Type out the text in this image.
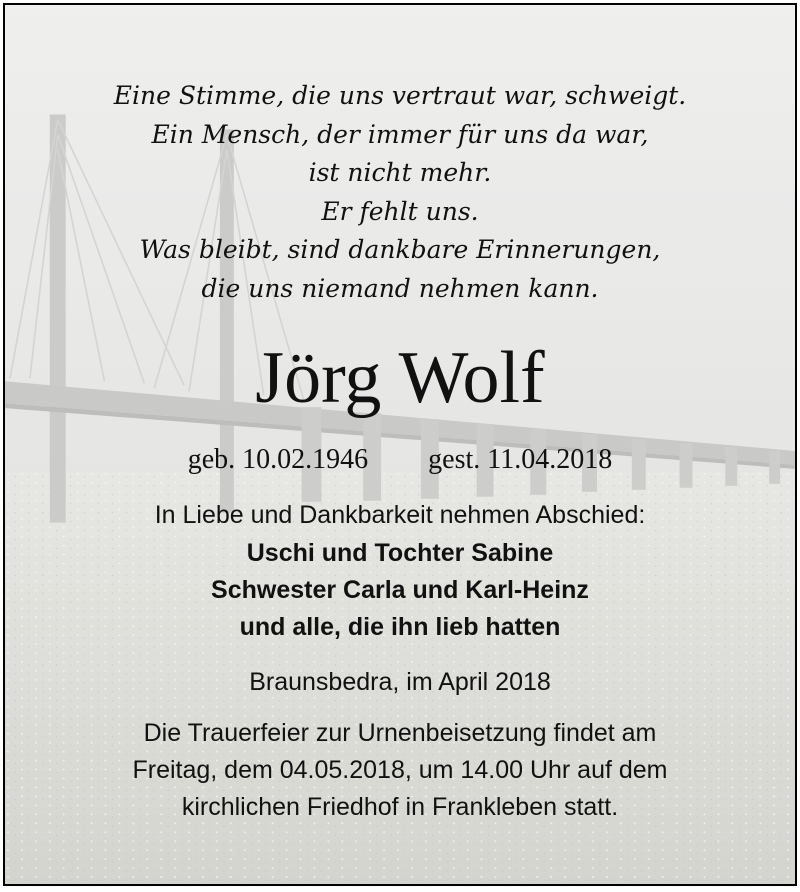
Eine Stimme, die uns vertraut war, schweigt.
Ein Mensch, der immer für uns da war,
ist nicht mehr.
Er fehlt uns.
Was bleibt, sind dankbare Erinnerungen,
die uns niemand nehmen kann.
Jörg Wolf
geb. 10.02.1946 gest. 11.04.2018
In Liebe und Dankbarkeit nehmen Abschied:
Uschi und Tochter Sabine
Schwester Carla und Karl-Heinz
und alle, die ihn lieb hatten
Braunsbedra, im April 2018
Die Trauerfeier zur Urnenbeisetzung findet am
Freitag, dem 04.05.2018, um 14.00 Uhr auf dem
kirchlichen Friedhof in Frankleben statt.
